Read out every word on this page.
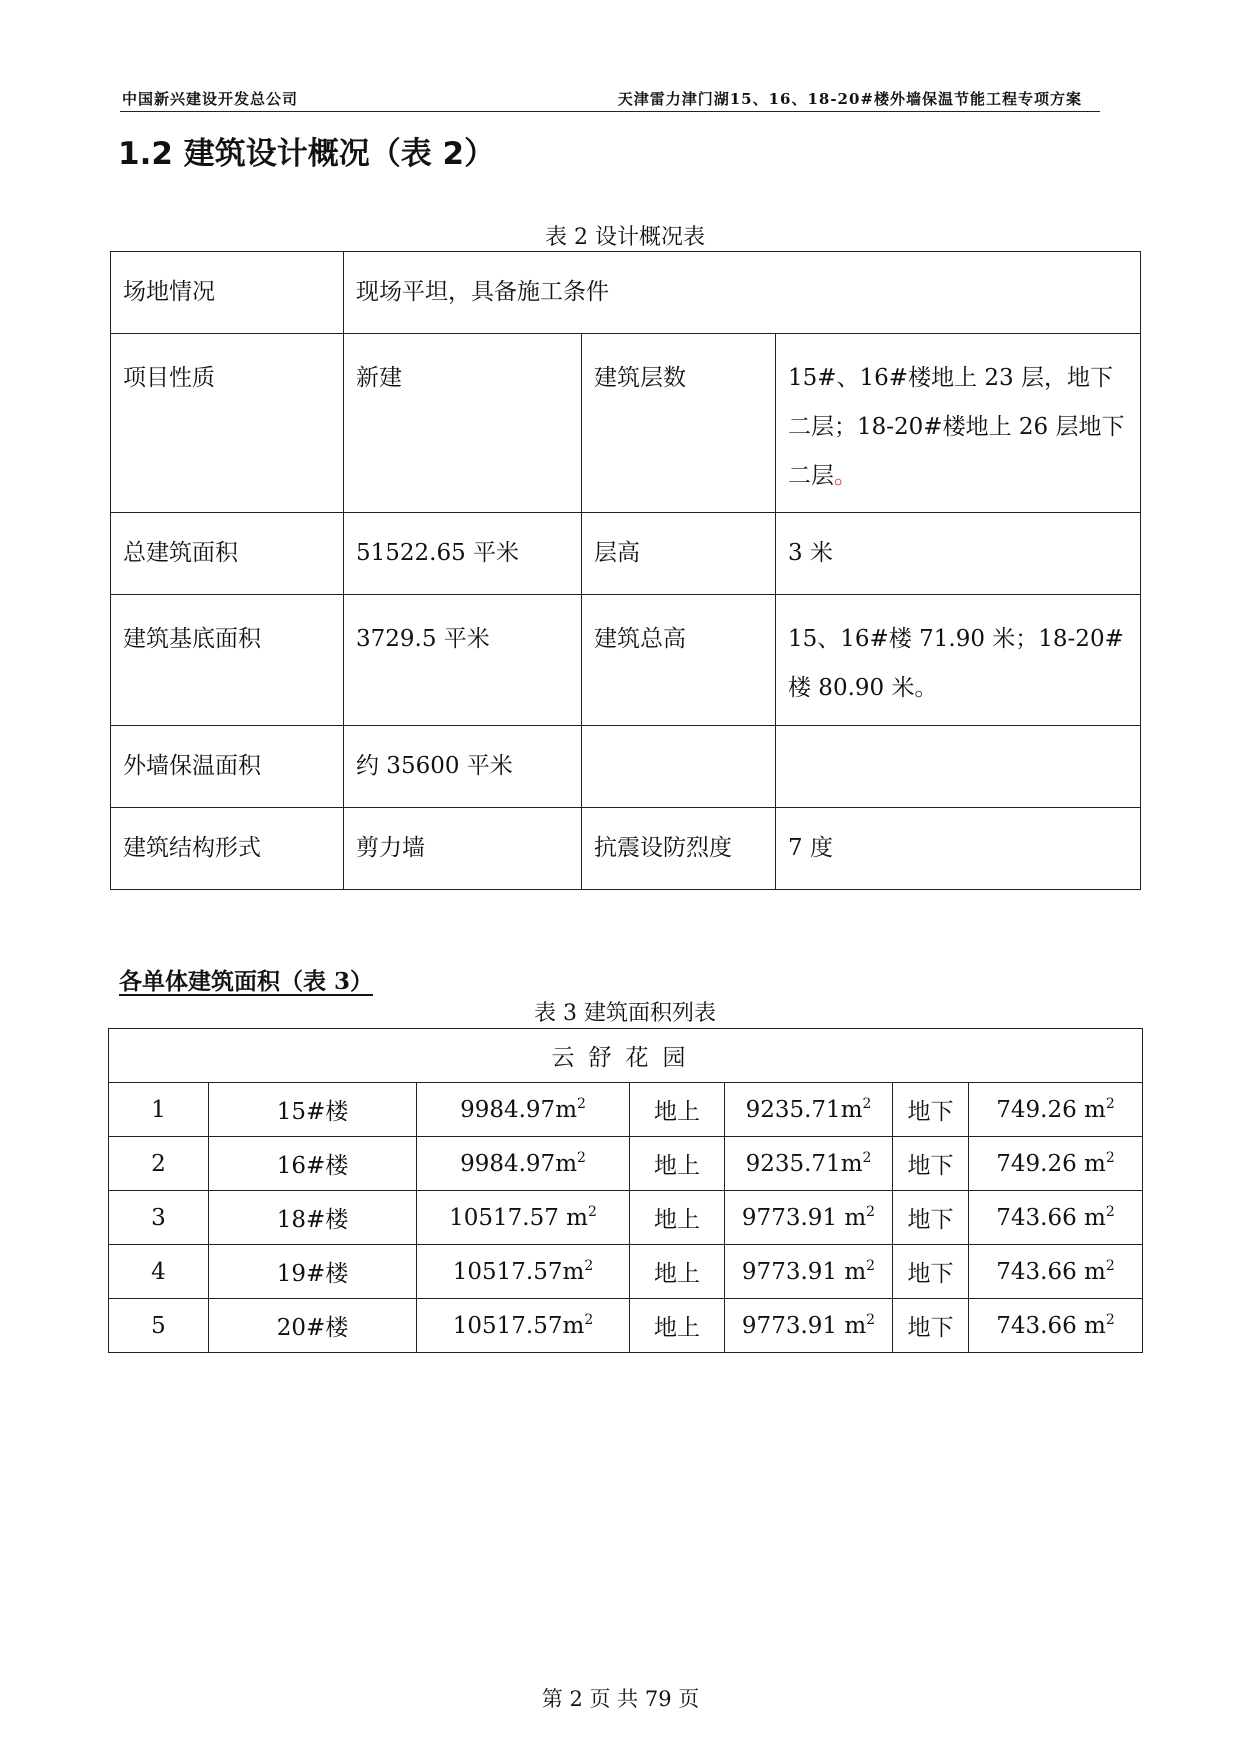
中国新兴建设开发总公司	天津雷力津门湖15、16、18-20#楼外墙保温节能工程专项方案
1.2 建筑设计概况（表 2）
表 2 设计概况表
场地情况	现场平坦，具备施工条件		
项目性质	新建	建筑层数	15#、16#楼地上 23 层，地下二层；18-20#楼地上 26 层地下二层。
总建筑面积	51522.65 平米	层高	3 米
建筑基底面积	3729.5 平米	建筑总高	15、16#楼 71.90 米；18-20#楼 80.90 米。
外墙保温面积	约 35600 平米		
建筑结构形式	剪力墙	抗震设防烈度	7 度
各单体建筑面积（表 3）
表 3 建筑面积列表
云舒花园						
1	15#楼	$9984.97m^2$	地上	$9235.71m^2$	地下	749.26 $m^2$
2	16#楼	$9984.97m^2$	地上	$9235.71m^2$	地下	749.26 $m^2$
3	18#楼	10517.57 $m^2$	地上	9773.91 $m^2$	地下	743.66 $m^2$
4	19#楼	$10517.57m^2$	地上	9773.91 $m^2$	地下	743.66 $m^2$
5	20#楼	$10517.57m^2$	地上	9773.91 $m^2$	地下	743.66 $m^2$
第 2 页 共 79 页
